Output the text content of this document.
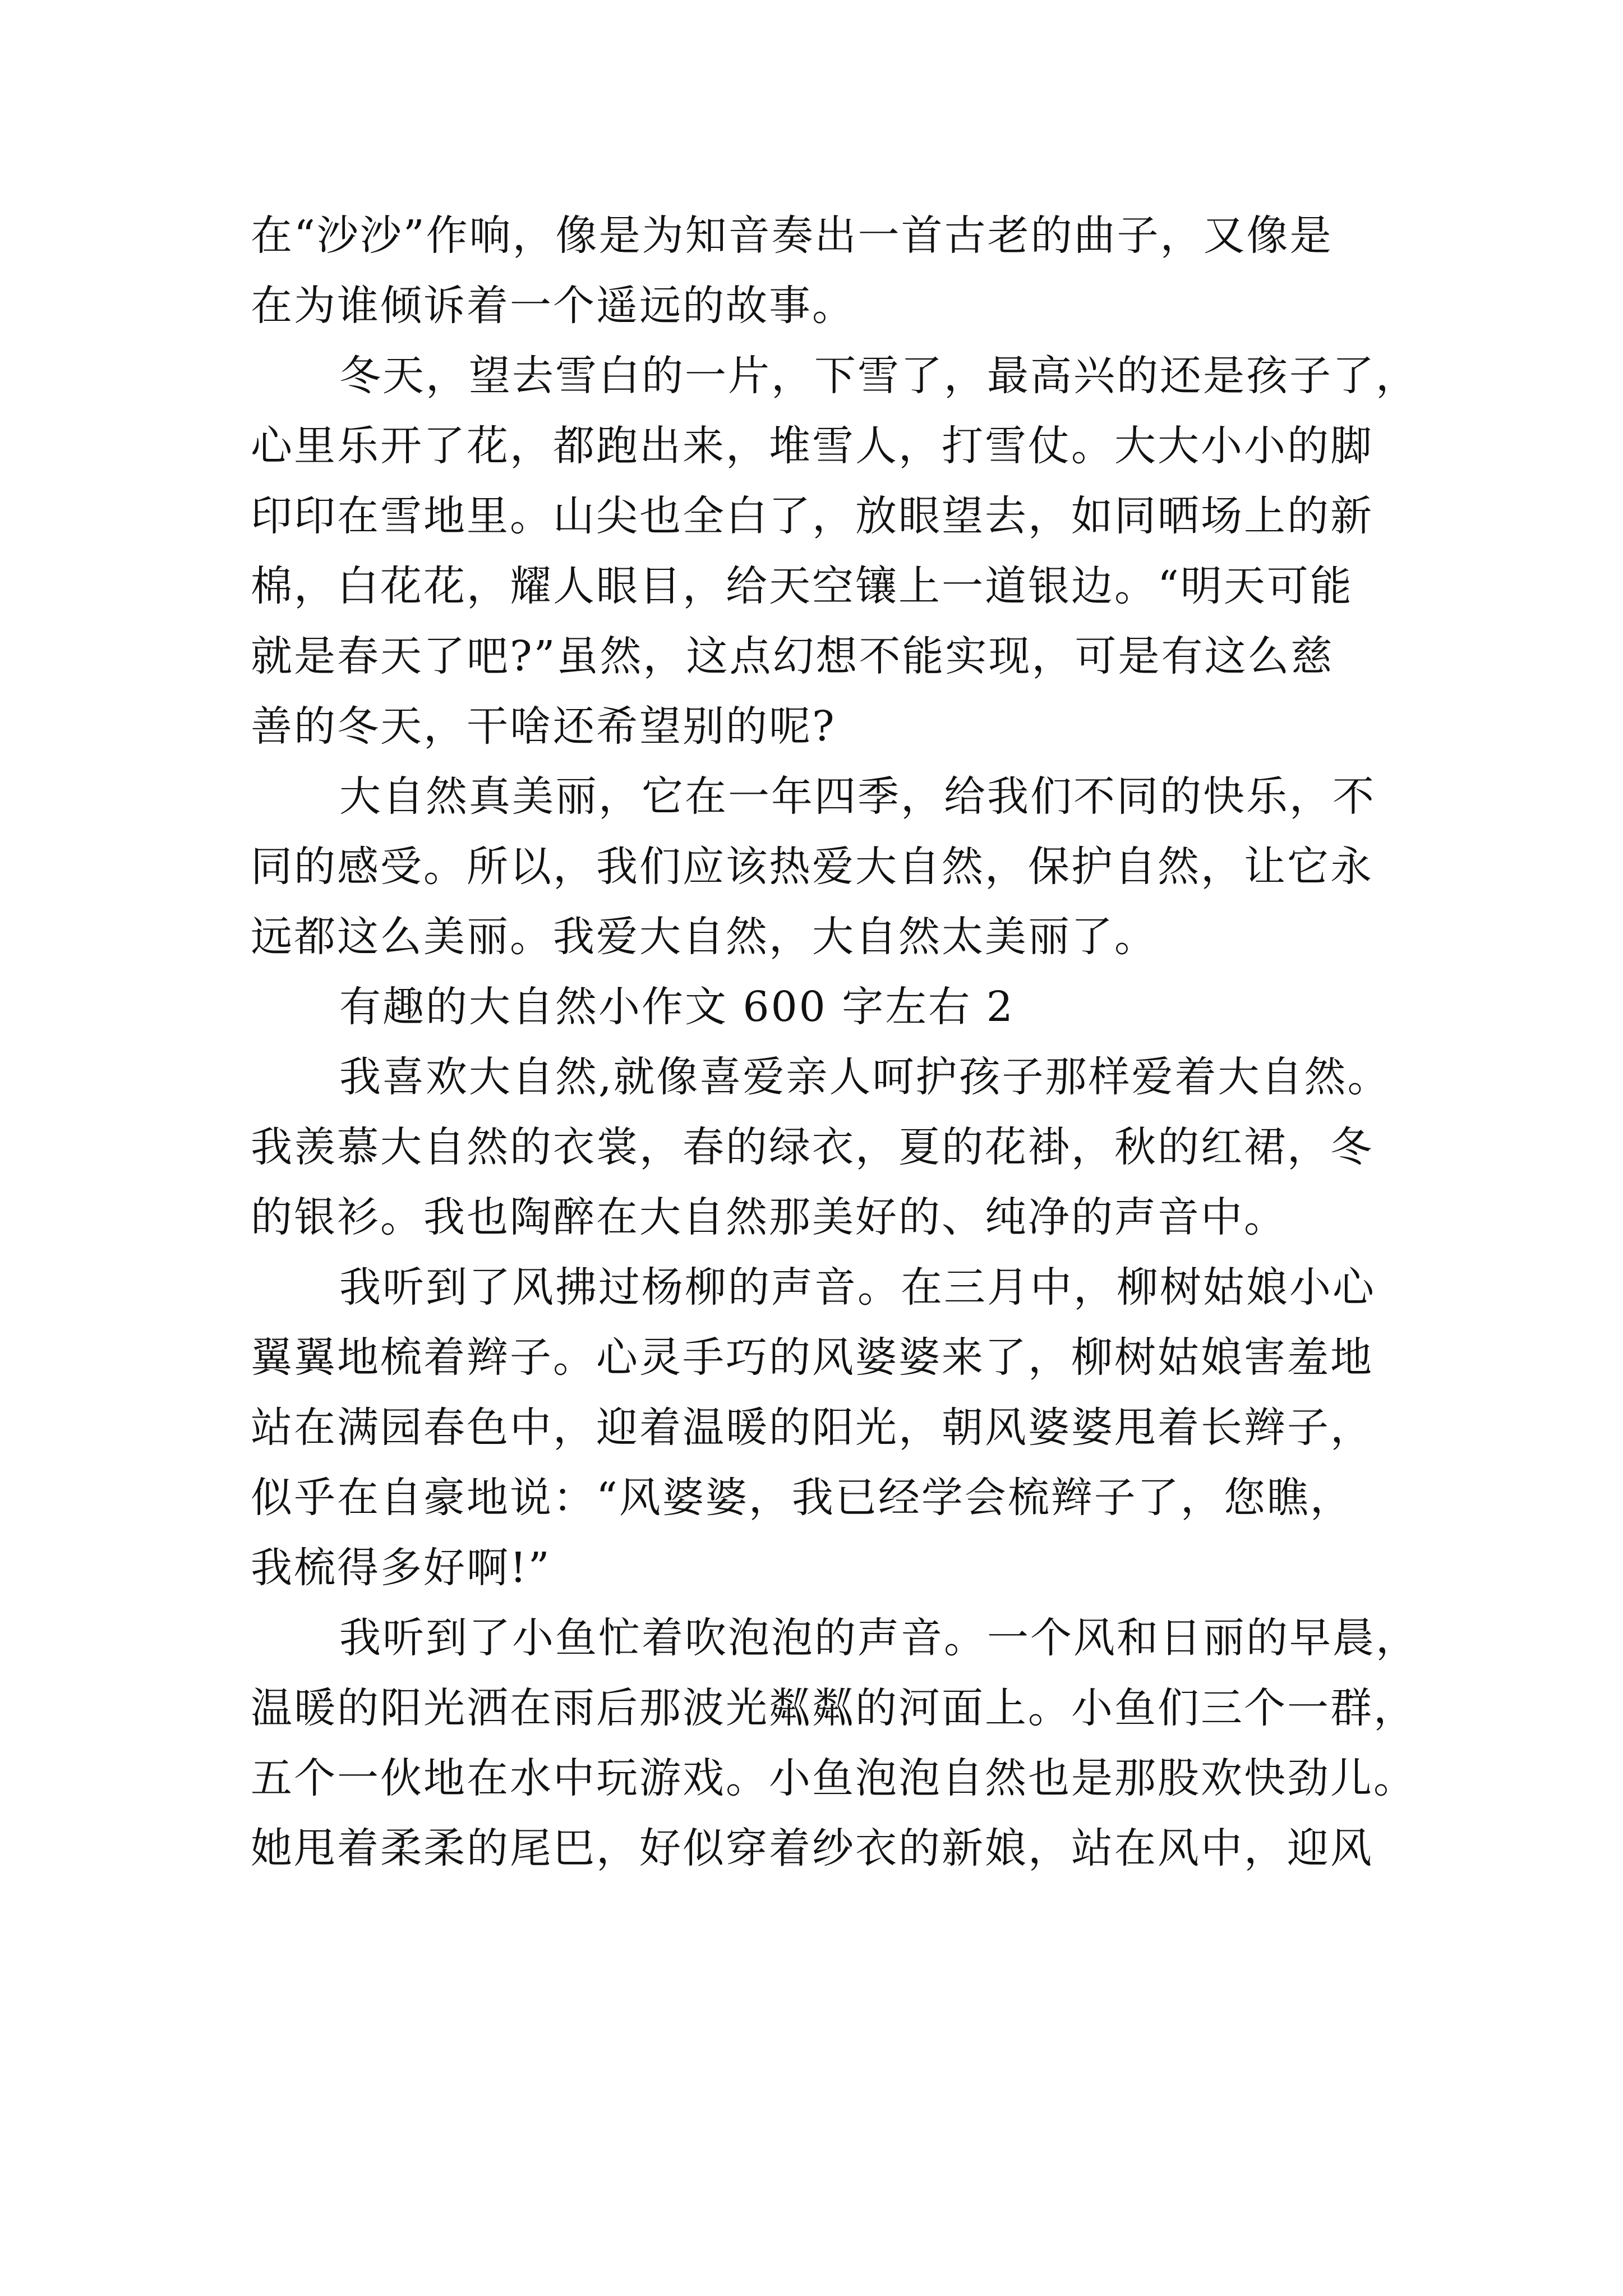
在“沙沙”作响，像是为知音奏出一首古老的曲子，又像是
在为谁倾诉着一个遥远的故事。
冬天，望去雪白的一片，下雪了，最高兴的还是孩子了，
心里乐开了花，都跑出来，堆雪人，打雪仗。大大小小的脚
印印在雪地里。山尖也全白了，放眼望去，如同晒场上的新
棉，白花花，耀人眼目，给天空镶上一道银边。“明天可能
就是春天了吧?”虽然，这点幻想不能实现，可是有这么慈
善的冬天，干啥还希望别的呢?
大自然真美丽，它在一年四季，给我们不同的快乐，不
同的感受。所以，我们应该热爱大自然，保护自然，让它永
远都这么美丽。我爱大自然，大自然太美丽了。
有趣的大自然小作文 600 字左右 2
我喜欢大自然,就像喜爱亲人呵护孩子那样爱着大自然。
我羡慕大自然的衣裳，春的绿衣，夏的花褂，秋的红裙，冬
的银衫。我也陶醉在大自然那美好的、纯净的声音中。
我听到了风拂过杨柳的声音。在三月中，柳树姑娘小心
翼翼地梳着辫子。心灵手巧的风婆婆来了，柳树姑娘害羞地
站在满园春色中，迎着温暖的阳光，朝风婆婆甩着长辫子，
似乎在自豪地说：“风婆婆，我已经学会梳辫子了，您瞧，
我梳得多好啊!”
我听到了小鱼忙着吹泡泡的声音。一个风和日丽的早晨，
温暖的阳光洒在雨后那波光粼粼的河面上。小鱼们三个一群，
五个一伙地在水中玩游戏。小鱼泡泡自然也是那股欢快劲儿。
她甩着柔柔的尾巴，好似穿着纱衣的新娘，站在风中，迎风
